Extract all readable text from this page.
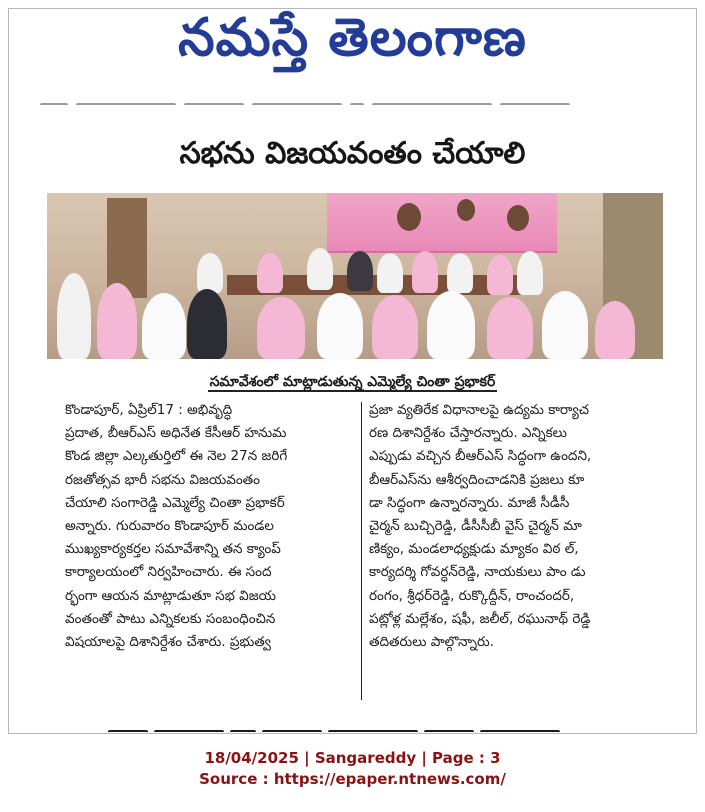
నమస్తే తెలంగాణ
సభను విజయవంతం చేయాలి
సమావేశంలో మాట్లాడుతున్న ఎమ్మెల్యే చింతా ప్రభాకర్
కొండాపూర్, ఏప్రిల్17 : అభివృద్ధి
ప్రదాత, బీఆర్ఎస్ అధినేత కేసీఆర్ హనుమ
కొండ జిల్లా ఎల్కతుర్తిలో ఈ నెల 27న జరిగే
రజతోత్సవ భారీ సభను విజయవంతం
చేయాలి సంగారెడ్డి ఎమ్మెల్యే చింతా ప్రభాకర్
అన్నారు. గురువారం కొండాపూర్ మండల
ముఖ్యకార్యకర్తల సమావేశాన్ని తన క్యాంప్
కార్యాలయంలో నిర్వహించారు. ఈ సంద
ర్భంగా ఆయన మాట్లాడుతూ సభ విజయ
వంతంతో పాటు ఎన్నికలకు సంబంధించిన
విషయాలపై దిశానిర్దేశం చేశారు. ప్రభుత్వ
ప్రజా వ్యతిరేక విధానాలపై ఉద్యమ కార్యాచ
రణ దిశానిర్దేశం చేస్తారన్నారు. ఎన్నికలు
ఎప్పుడు వచ్చిన బీఆర్ఎస్ సిద్ధంగా ఉందని,
బీఆర్ఎస్‌ను ఆశీర్వదించాడనికి ప్రజలు కూ
డా సిద్ధంగా ఉన్నారన్నారు. మాజీ సీడీసీ
చైర్మన్ బుచ్చిరెడ్డి, డీసీసీబీ వైస్ చైర్మన్ మా
ణిక్యం, మండలాధ్యక్షుడు మ్యాకం విఠ ల్,
కార్యదర్శి గోవర్ధన్‌రెడ్డి, నాయకులు పాం డు
రంగం, శ్రీధర్‌రెడ్డి, రుక్కొద్దీన్, రాంచందర్,
పట్లోళ్ల మల్లేశం, షఫీ, జలీల్, రఘునాథ్ రెడ్డి
తదితరులు పాల్గొన్నారు.
18/04/2025 | Sangareddy | Page : 3
Source : https://epaper.ntnews.com/
